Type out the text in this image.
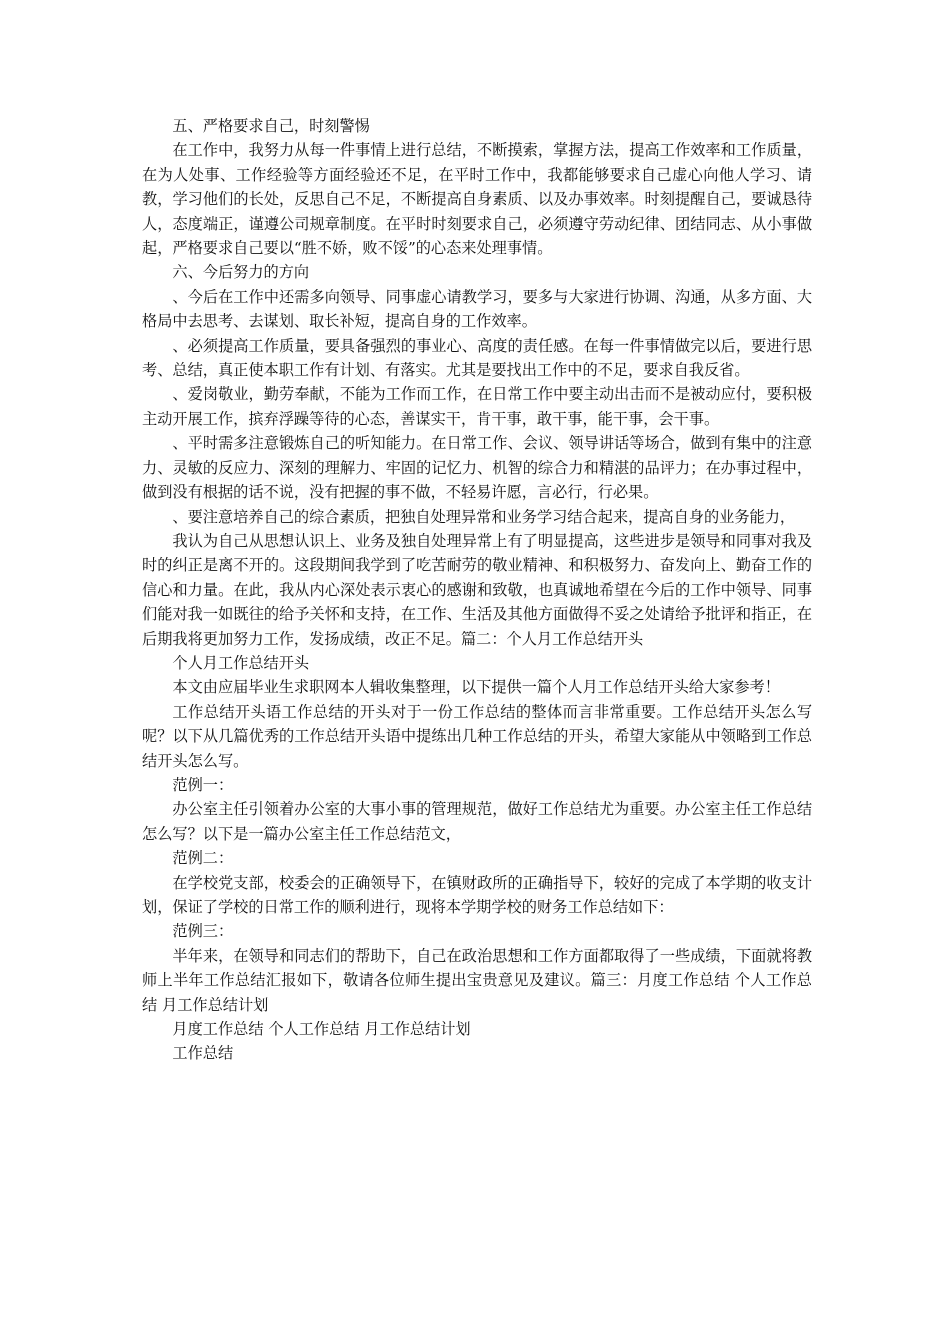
五、严格要求自己，时刻警惕

在工作中，我努力从每一件事情上进行总结，不断摸索，掌握方法，提高工作效率和工作质量，在为人处事、工作经验等方面经验还不足，在平时工作中，我都能够要求自己虚心向他人学习、请教，学习他们的长处，反思自己不足，不断提高自身素质、以及办事效率。时刻提醒自己，要诚恳待人，态度端正，谨遵公司规章制度。在平时时刻要求自己，必须遵守劳动纪律、团结同志、从小事做起，严格要求自己要以“胜不娇，败不馁”的心态来处理事情。

六、今后努力的方向

、今后在工作中还需多向领导、同事虚心请教学习，要多与大家进行协调、沟通，从多方面、大格局中去思考、去谋划、取长补短，提高自身的工作效率。

、必须提高工作质量，要具备强烈的事业心、高度的责任感。在每一件事情做完以后，要进行思考、总结，真正使本职工作有计划、有落实。尤其是要找出工作中的不足，要求自我反省。

、爱岗敬业，勤劳奉献，不能为工作而工作，在日常工作中要主动出击而不是被动应付，要积极主动开展工作，摈弃浮躁等待的心态，善谋实干，肯干事，敢干事，能干事，会干事。

、平时需多注意锻炼自己的听知能力。在日常工作、会议、领导讲话等场合，做到有集中的注意力、灵敏的反应力、深刻的理解力、牢固的记忆力、机智的综合力和精湛的品评力；在办事过程中，做到没有根据的话不说，没有把握的事不做，不轻易许愿，言必行，行必果。

、要注意培养自己的综合素质，把独自处理异常和业务学习结合起来，提高自身的业务能力，

我认为自己从思想认识上、业务及独自处理异常上有了明显提高，这些进步是领导和同事对我及时的纠正是离不开的。这段期间我学到了吃苦耐劳的敬业精神、和积极努力、奋发向上、勤奋工作的信心和力量。在此，我从内心深处表示衷心的感谢和致敬，也真诚地希望在今后的工作中领导、同事们能对我一如既往的给予关怀和支持，在工作、生活及其他方面做得不妥之处请给予批评和指正，在后期我将更加努力工作，发扬成绩，改正不足。篇二：个人月工作总结开头

个人月工作总结开头

本文由应届毕业生求职网本人辑收集整理，以下提供一篇个人月工作总结开头给大家参考！

工作总结开头语工作总结的开头对于一份工作总结的整体而言非常重要。工作总结开头怎么写呢？以下从几篇优秀的工作总结开头语中提练出几种工作总结的开头，希望大家能从中领略到工作总结开头怎么写。

范例一：

办公室主任引领着办公室的大事小事的管理规范，做好工作总结尤为重要。办公室主任工作总结怎么写？以下是一篇办公室主任工作总结范文，

范例二：

在学校党支部，校委会的正确领导下，在镇财政所的正确指导下，较好的完成了本学期的收支计划，保证了学校的日常工作的顺利进行，现将本学期学校的财务工作总结如下：

范例三：

半年来，在领导和同志们的帮助下，自己在政治思想和工作方面都取得了一些成绩，下面就将教师上半年工作总结汇报如下，敬请各位师生提出宝贵意见及建议。篇三：月度工作总结 个人工作总结 月工作总结计划

月度工作总结 个人工作总结 月工作总结计划

工作总结
